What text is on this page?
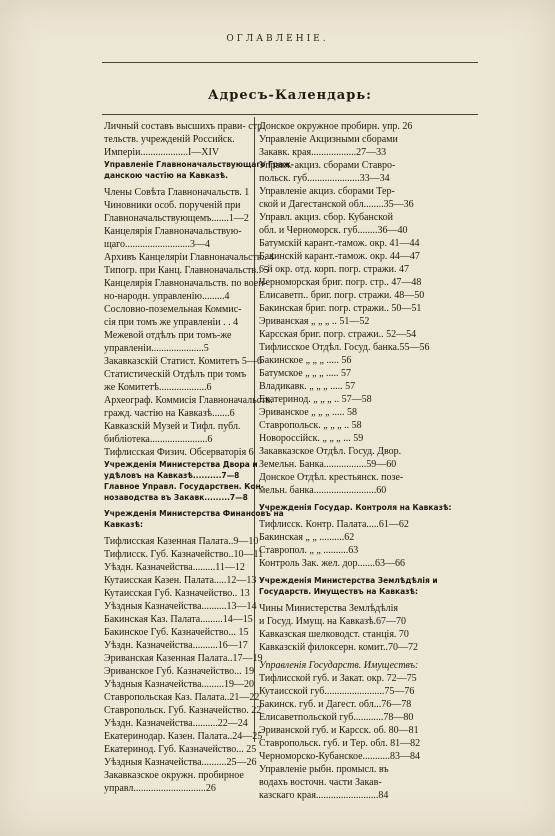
ОГЛАВЛЕНІЕ.
Адресъ-Календарь:
Личный составъ высшихъ прави- стр.
тельств. учрежденій Российск.
Имперіи...................I—XIV
Управленіе Главноначальствующаго Граж-
данскою частію на Кавказѣ.
Члены Совѣта Главноначальств. 1
Чиновники особ. порученій при
Главноначальствующемъ.......1—2
Канцелярія Главноначальствую-
щаго..........................3—4
Архивъ Канцеляріи Главноначальств.. 4
Типогр. при Канц. Главноначальств.. 5
Канцелярія Главноначальств. по воен-
но-народн. управленію.........4
Сословно-поземельная Коммис-
сія при томъ же управленіи . . 4
Межевой отдѣлъ при томъ-же
управленіи.....................5
Закавказскій Статист. Комитетъ 5—6
Статистическій Отдѣлъ при томъ
же Комитетѣ...................6
Археограф. Коммисія Главноначальств.
гражд. частію на Кавказѣ.......6
Кавказскій Музей и Тифл. публ.
библіотека.......................6
Тифлисская Физич. Обсерваторія 6
Учрежденія Министерства Двора и
удѣловъ на Кавказѣ..........7—8
Главное Управл. Государствен. Кон-
нозаводства въ Закавк.........7—8
Учрежденія Министерства Финансовъ на
Кавказѣ:
Тифлисская Казенная Палата..9—10
Тифлисск. Губ. Казначейство..10—11
Уѣздн. Казначейства.........11—12
Кутаисская Казен. Палата.....12—13
Кутаисская Губ. Казначейство.. 13
Уѣздныя Казначейства..........13—14
Бакинская Каз. Палата.........14—15
Бакинское Губ. Казначейство... 15
Уѣздн. Казначейства..........16—17
Эриванская Казенная Палата..17—19
Эриванское Губ. Казначейство... 19
Уѣздныя Казначейства.........19—20
Ставропольская Каз. Палата..21—22
Ставропольск. Губ. Казначейство. 22
Уѣздн. Казначейства..........22—24
Екатеринодар. Казен. Палата..24—25
Екатеринод. Губ. Казначейство... 25
Уѣздныя Казначейства..........25—26
Закавказское окружн. пробирное
управл.............................26
Донское окружное пробирн. упр. 26
Управленіе Акцизными сборами
Закавк. края..................27—33
Управл. акциз. сборами Ставро-
польск. губ.....................33—34
Управленіе акциз. сборами Тер-
ской и Дагестанской обл........35—36
Управл. акциз. сбор. Кубанской
обл. и Черноморск. губ........36—40
Батумскій карант.-тамож. окр. 41—44
Бакинскій карант.-тамож. окр. 44—47
6-й окр. отд. корп. погр. стражи. 47
Черноморская бриг. погр. стр.. 47—48
Елисаветп.. бриг. погр. стражи. 48—50
Бакинская бриг. погр. стражи.. 50—51
Эриванская „ „ „ .. 51—52
Карсская бриг. погр. стражи.. 52—54
Тифлисское Отдѣл. Госуд. банка.55—56
Бакинское „ „ „ ..... 56
Батумское „ „ „ ..... 57
Владикавк. „ „ „ ..... 57
Екатеринод. „ „ „ .. 57—58
Эриванское „ „ „ ..... 58
Ставропольск. „ „ „ .. 58
Новороссійск. „ „ „ ... 59
Закавказское Отдѣл. Госуд. Двор.
Земельн. Банка.................59—60
Донское Отдѣл. крестьянск. позе-
мельн. банка.........................60
Учрежденія Государ. Контроля на Кавказѣ:
Тифлисск. Контр. Палата.....61—62
Бакинская „ „ ..........62
Ставропол. „ „ ..........63
Контроль Зак. жел. дор.......63—66
Учрежденія Министерства Землѣдѣлія и
Государств. Имуществъ на Кавказѣ:
Чины Министерства Землѣдѣлія
и Госуд. Имущ. на Кавказѣ.67—70
Кавказская шелководст. станція. 70
Кавказскій филоксерн. комит..70—72
Управленія Государств. Имуществъ:
Тифлисской губ. и Закат. окр. 72—75
Кутаисской губ........................75—76
Бакинск. губ. и Дагест. обл...76—78
Елисаветпольской губ............78—80
Эриванской губ. и Карсск. об. 80—81
Ставропольск. губ. и Тер. обл. 81—82
Черноморско-Кубанское...........83—84
Управленіе рыбн. промысл. въ
водахъ восточн. части Закав-
казскаго края.........................84
